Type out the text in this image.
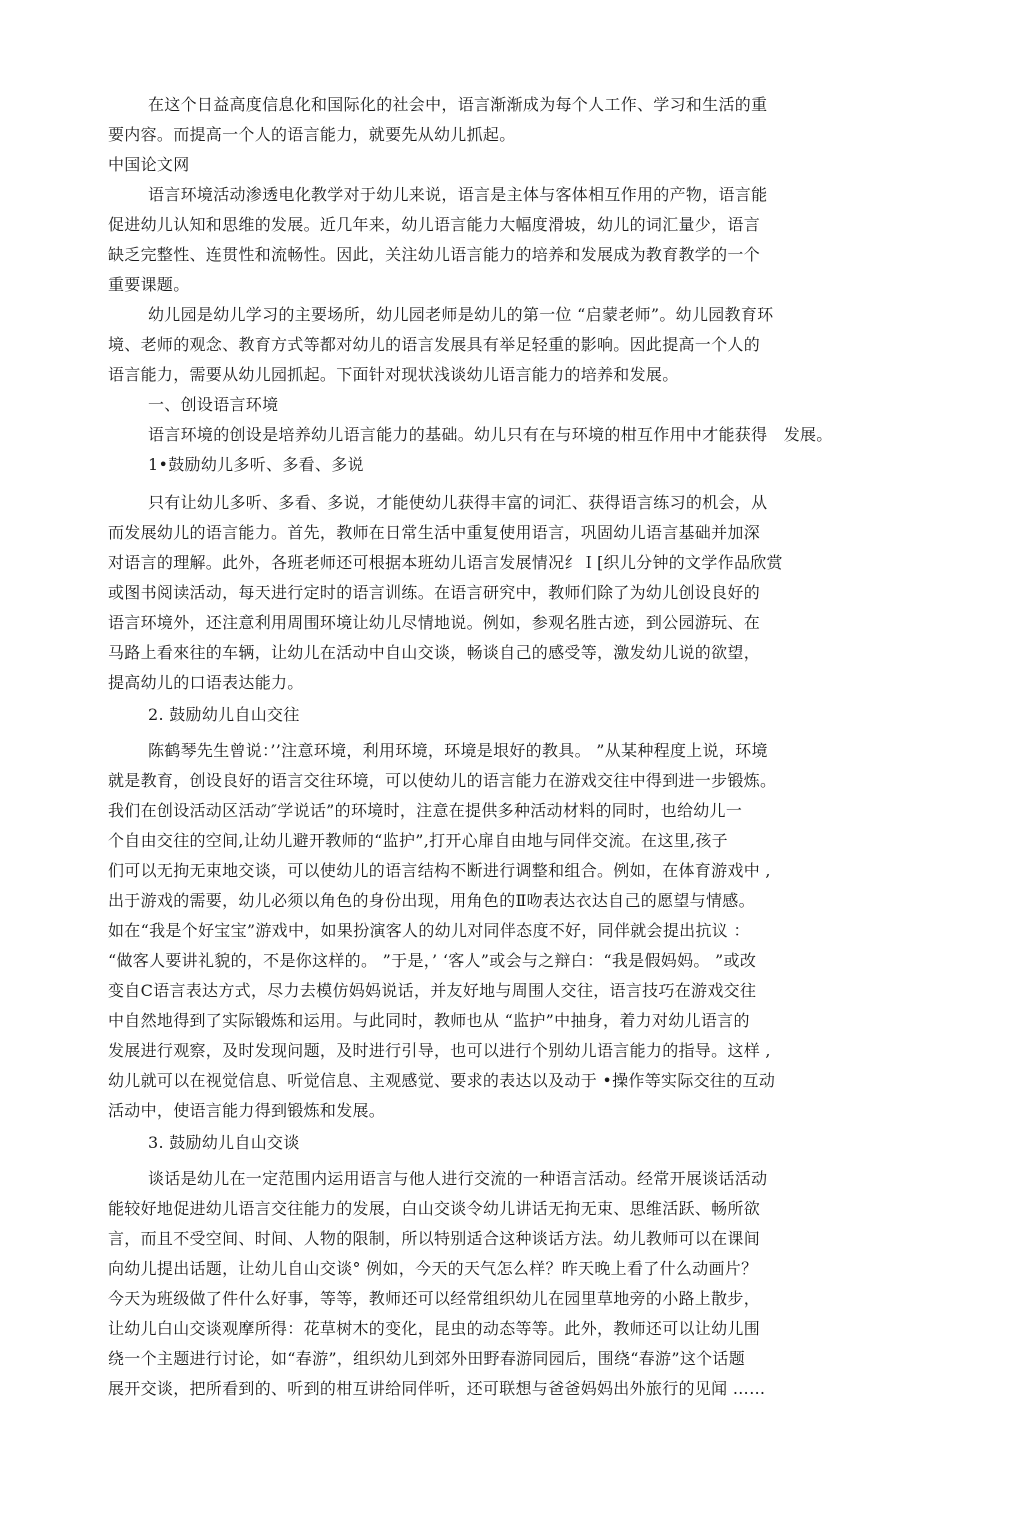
在这个日益高度信息化和国际化的社会中，语言渐渐成为每个人工作、学习和生活的重
要内容。而提高一个人的语言能力，就要先从幼儿抓起。
中国论文网
语言环境活动渗透电化教学对于幼儿来说，语言是主体与客体相互作用的产物，语言能
促进幼儿认知和思维的发展。近几年来，幼儿语言能力大幅度滑坡，幼儿的词汇量少，语言
缺乏完整性、连贯性和流畅性。因此，关注幼儿语言能力的培养和发展成为教育教学的一个
重要课题。
幼儿园是幼儿学习的主要场所，幼儿园老师是幼儿的第一位 “启蒙老师”。幼儿园教育环
境、老师的观念、教育方式等都对幼儿的语言发展具有举足轻重的影响。因此提高一个人的
语言能力，需要从幼儿园抓起。下面针对现状浅谈幼儿语言能力的培养和发展。
一、创设语言环境
语言环境的创设是培养幼儿语言能力的基础。幼儿只有在与环境的柑互作用中才能获得　发展。
1•鼓励幼儿多听、多看、多说
只有让幼儿多听、多看、多说，才能使幼儿获得丰富的词汇、获得语言练习的机会，从
而发展幼儿的语言能力。首先，教师在日常生活中重复使用语言，巩固幼儿语言基础并加深
对语言的理解。此外，各班老师还可根据本班幼儿语言发展情况纟Ｉ[织儿分钟的文学作品欣赏
或图书阅读活动，每天进行定时的语言训练。在语言研究中，教师们除了为幼儿创设良好的
语言环境外，还注意利用周围环境让幼儿尽情地说。例如，参观名胜古迹，到公园游玩、在
马路上看來往的车辆，让幼儿在活动中自山交谈，畅谈自己的感受等，激发幼儿说的欲望，
提高幼儿的口语表达能力。
2. 鼓励幼儿自山交往
陈鹤琴先生曾说：’’注意环境，利用环境，环境是垠好的教具。 ”从某种程度上说，环境
就是教育，创设良好的语言交往环境，可以使幼儿的语言能力在游戏交往中得到进一步锻炼。
我们在创设活动区活动″学说话”的环境时，注意在提供多种活动材料的同时，也给幼儿一
个自由交往的空间,让幼儿避开教师的“监护”,打开心扉自由地与同伴交流。在这里,孩子
们可以无拘无束地交谈，可以使幼儿的语言结构不断进行调整和组合。例如，在体育游戏中 ,
出于游戏的需要，幼儿必须以角色的身份出现，用角色的Ⅱ吻表达衣达自己的愿望与情感。
如在“我是个好宝宝”游戏中，如果扮演客人的幼儿对同伴态度不好，同伴就会提出抗议 ：
“做客人要讲礼貌的，不是你这样的。 ”于是，’ ‘客人”或会与之辩白：“我是假妈妈。 ”或改
变自C语言表达方式，尽力去模仿妈妈说话，并友好地与周围人交往，语言技巧在游戏交往
中自然地得到了实际锻炼和运用。与此同时，教师也从 “监护”中抽身，着力对幼儿语言的
发展进行观察，及时发现问题，及时进行引导，也可以进行个别幼儿语言能力的指导。这样 ,
幼儿就可以在视觉信息、听觉信息、主观感觉、要求的表达以及动于 •操作等实际交往的互动
活动中，使语言能力得到锻炼和发展。
3. 鼓励幼儿自山交谈
谈话是幼儿在一定范围内运用语言与他人进行交流的一种语言活动。经常开展谈话活动
能较好地促进幼儿语言交往能力的发展，白山交谈令幼儿讲话无拘无束、思维活跃、畅所欲
言，而且不受空间、时间、人物的限制，所以特别适合这种谈话方法。幼儿教师可以在课间
向幼儿提出话题，让幼儿自山交谈° 例如，今天的天气怎么样？昨天晚上看了什么动画片？
今天为班级做了件什么好事，等等，教师还可以经常组织幼儿在园里草地旁的小路上散步，
让幼儿白山交谈观摩所得：花草树木的变化，昆虫的动态等等。此外，教师还可以让幼儿围
绕一个主题进行讨论，如“春游”，组织幼儿到郊外田野春游同园后，围绕“春游”这个话题
展开交谈，把所看到的、听到的柑互讲给同伴听，还可联想与爸爸妈妈出外旅行的见闻 ……
